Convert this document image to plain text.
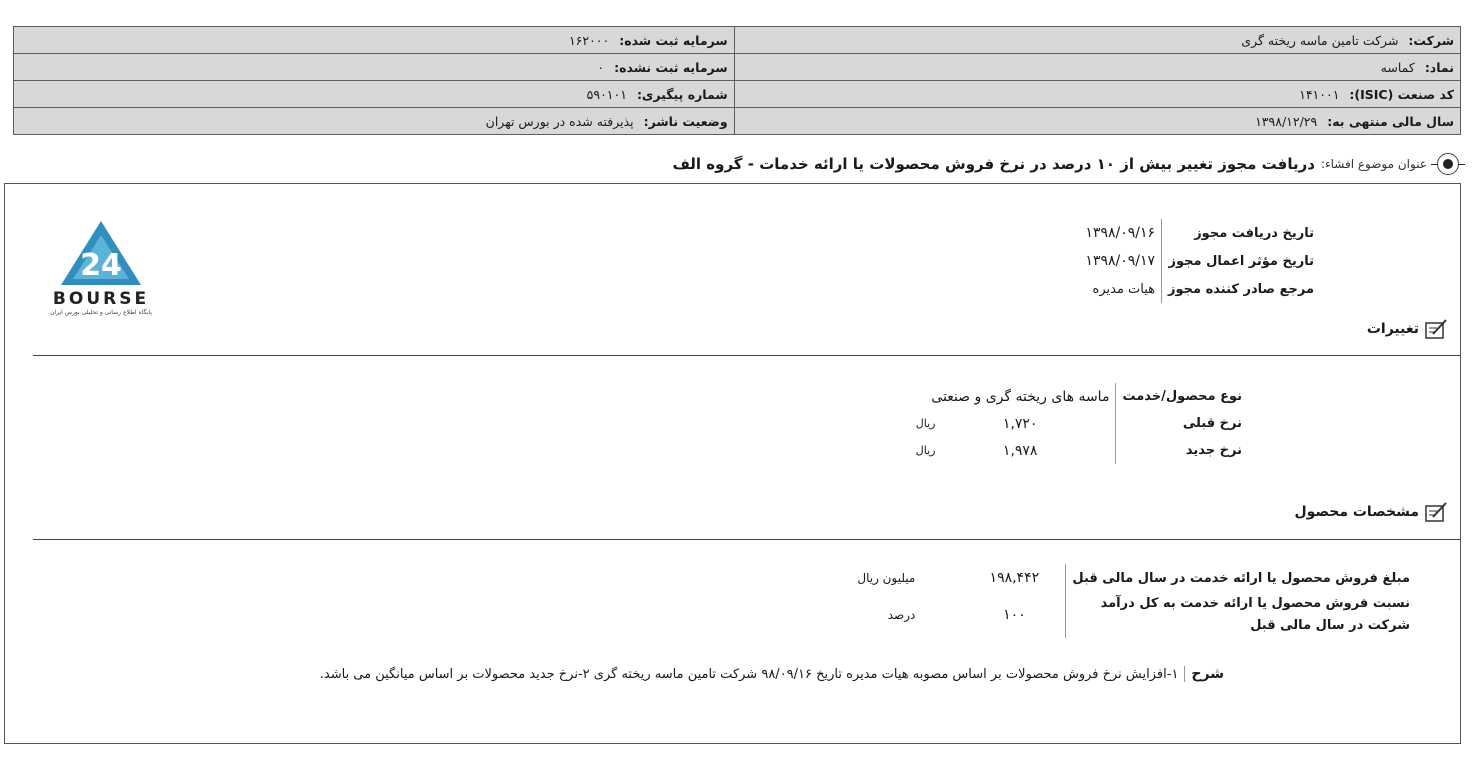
شرکت: شرکت تامین ماسه ریخته گری	سرمایه ثبت شده: ۱۶۲۰۰۰
نماد: کماسه	سرمایه ثبت نشده: ۰
کد صنعت (ISIC): ۱۴۱۰۰۱	شماره پیگیری: ۵۹۰۱۰۱
سال مالی منتهی به: ۱۳۹۸/۱۲/۲۹	وضعیت ناشر: پذیرفته شده در بورس تهران
عنوان موضوع افشاء:
دریافت مجوز تغییر بیش از ۱۰ درصد در نرخ فروش محصولات یا ارائه خدمات - گروه الف
تاریخ دریافت مجوز	۱۳۹۸/۰۹/۱۶
تاریخ مؤثر اعمال مجوز	۱۳۹۸/۰۹/۱۷
مرجع صادر کننده مجوز	هیات مدیره
24
BOURSE
پایگاه اطلاع رسانی و تحلیلی بورس ایران
تغییرات
نوع محصول/خدمت	ماسه های ریخته گری و صنعتی		
نرخ قبلی		۱,۷۲۰	ریال
نرخ جدید		۱,۹۷۸	ریال
مشخصات محصول
مبلغ فروش محصول یا ارائه خدمت در سال مالی قبل	۱۹۸,۴۴۲	میلیون ریال

نسبت فروش محصول یا ارائه خدمت به کل درآمد
شرکت در سال مالی قبل	۱۰۰	درصد
شرح
۱-افزایش نرخ فروش محصولات بر اساس مصوبه هیات مدیره تاریخ ۹۸/۰۹/۱۶ شرکت تامین ماسه ریخته گری ۲-نرخ جدید محصولات بر اساس میانگین می باشد.
